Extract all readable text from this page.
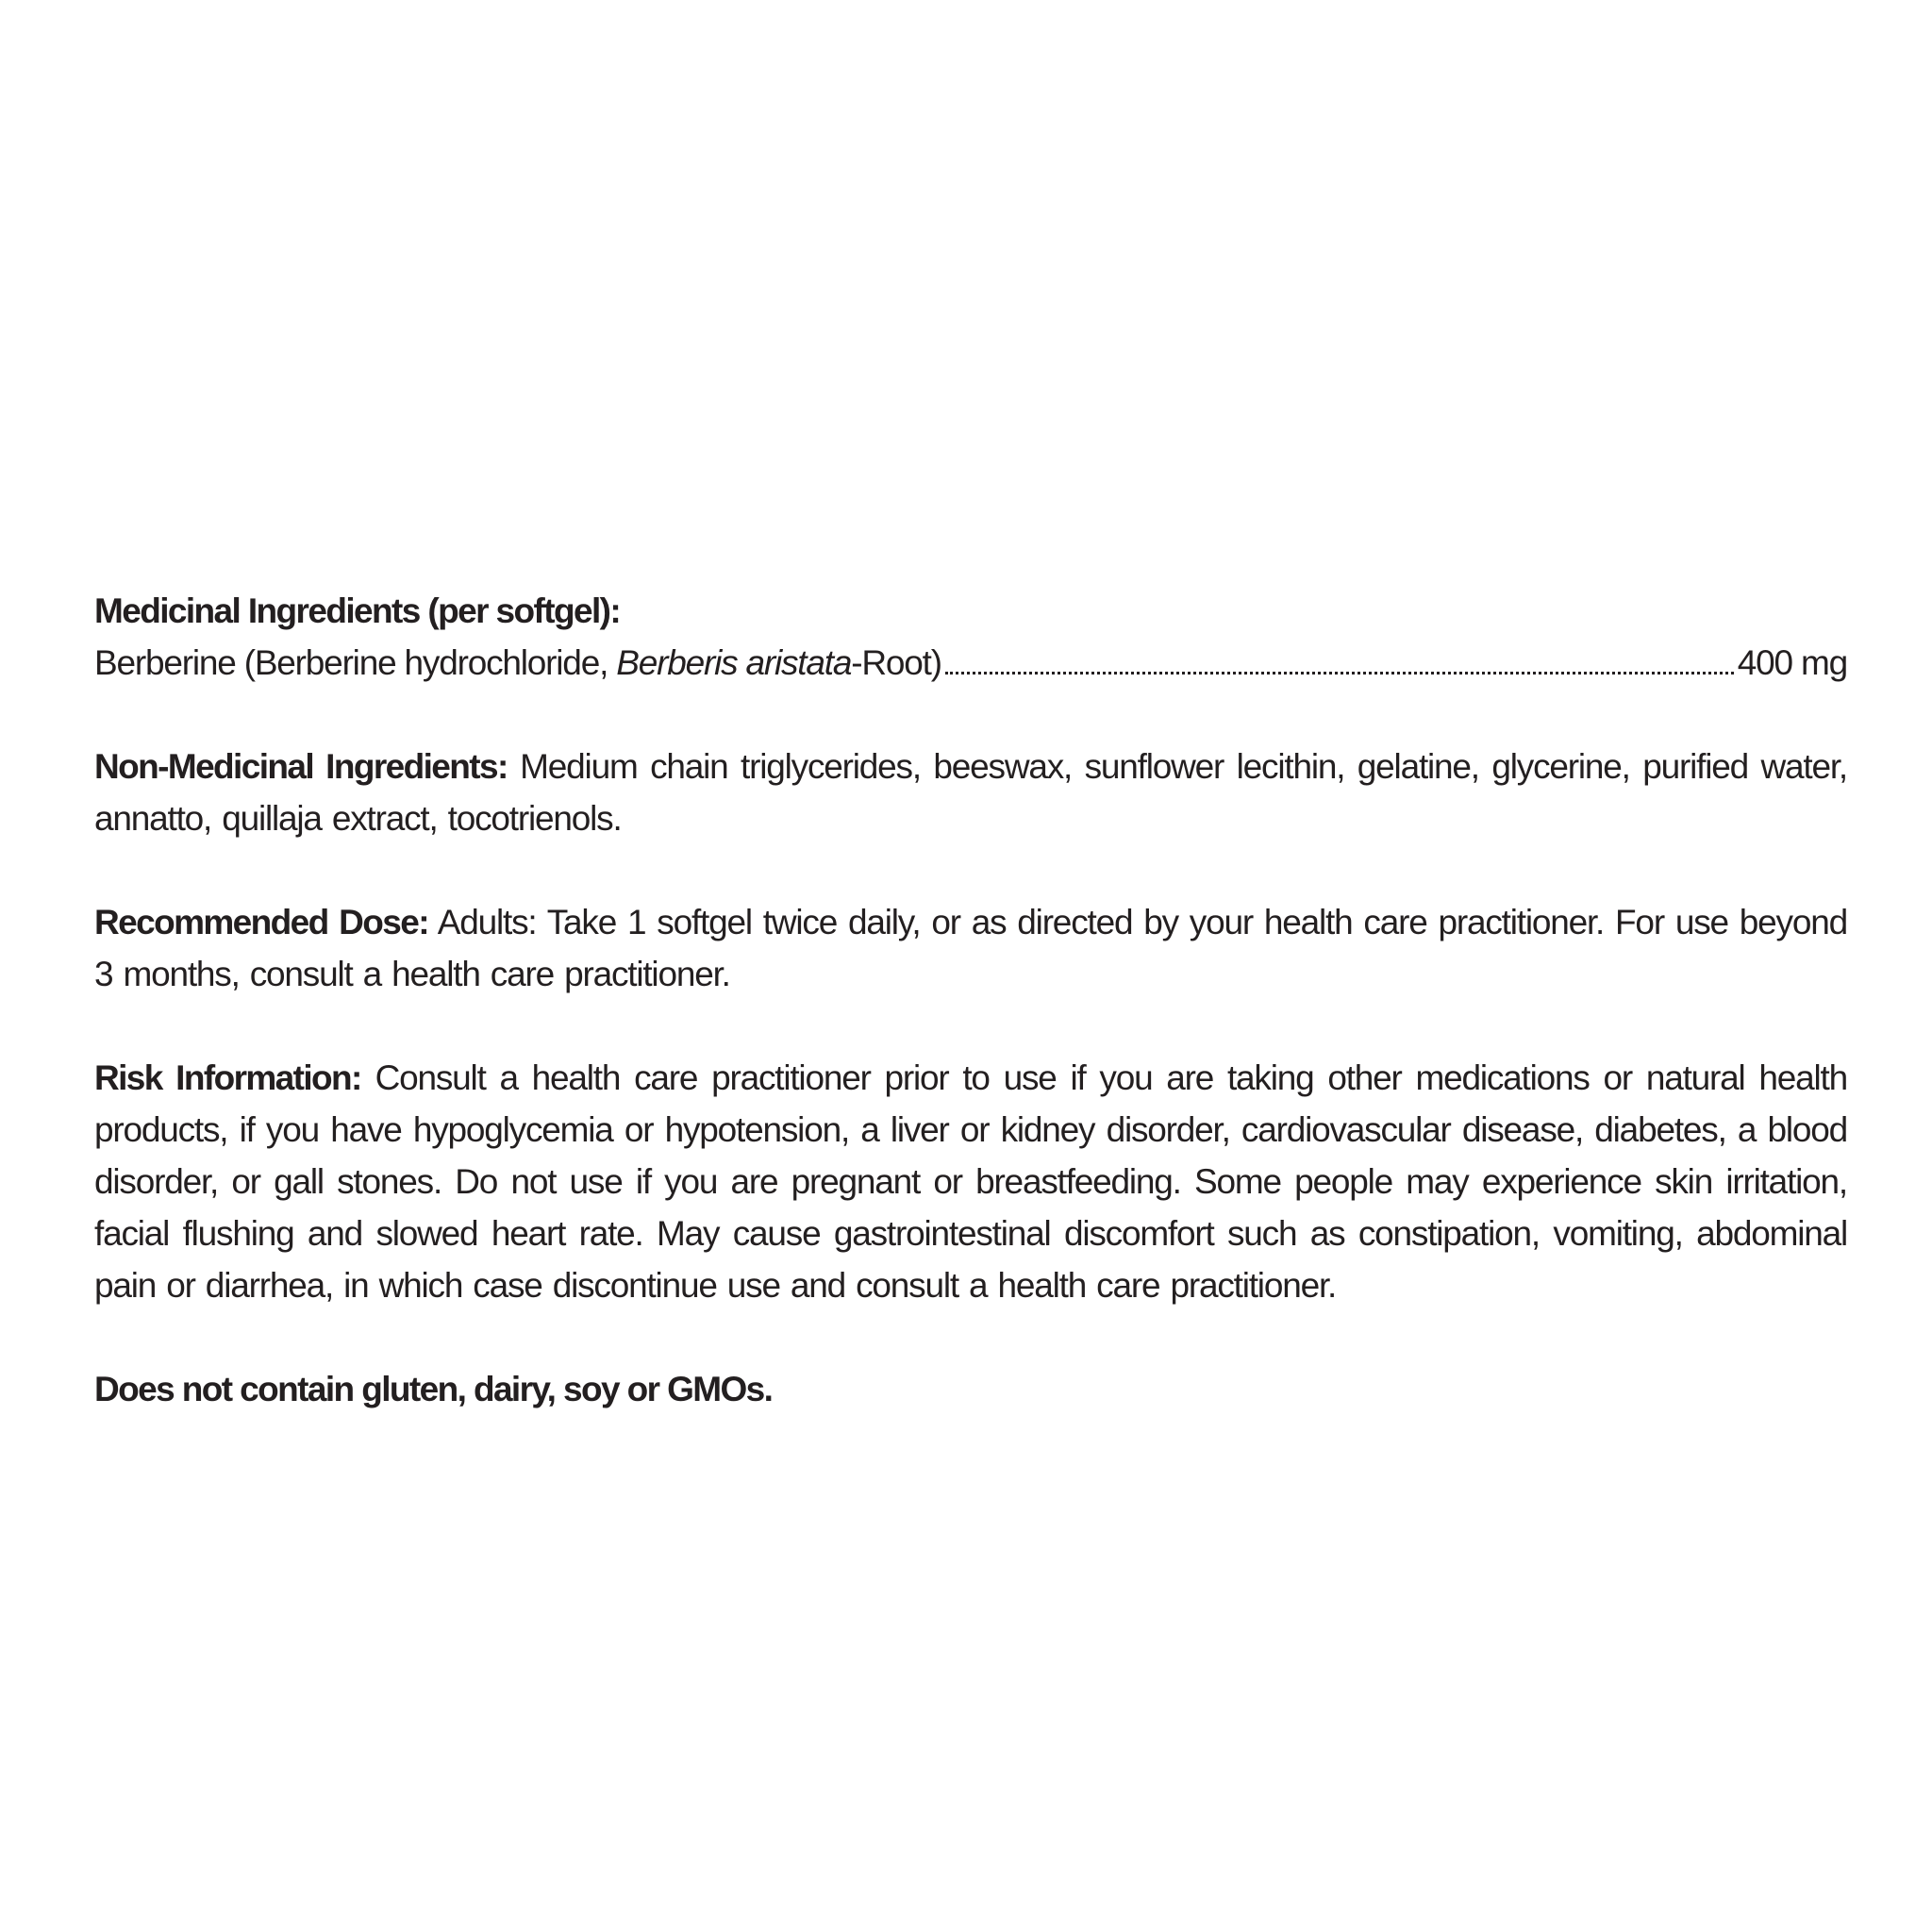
Medicinal Ingredients (per softgel):
Berberine (Berberine hydrochloride, Berberis aristata-Root)	400 mg

Non-Medicinal Ingredients: Medium chain triglycerides, beeswax, sunflower lecithin, gelatine, glycerine, purified water, annatto, quillaja extract, tocotrienols.

Recommended Dose: Adults: Take 1 softgel twice daily, or as directed by your health care practitioner. For use beyond 3 months, consult a health care practitioner.

Risk Information: Consult a health care practitioner prior to use if you are taking other medications or natural health products, if you have hypoglycemia or hypotension, a liver or kidney disorder, cardiovascular disease, diabetes, a blood disorder, or gall stones. Do not use if you are pregnant or breastfeeding. Some people may experience skin irritation, facial flushing and slowed heart rate. May cause gastrointestinal discomfort such as constipation, vomiting, abdominal pain or diarrhea, in which case discontinue use and consult a health care practitioner.

Does not contain gluten, dairy, soy or GMOs.
